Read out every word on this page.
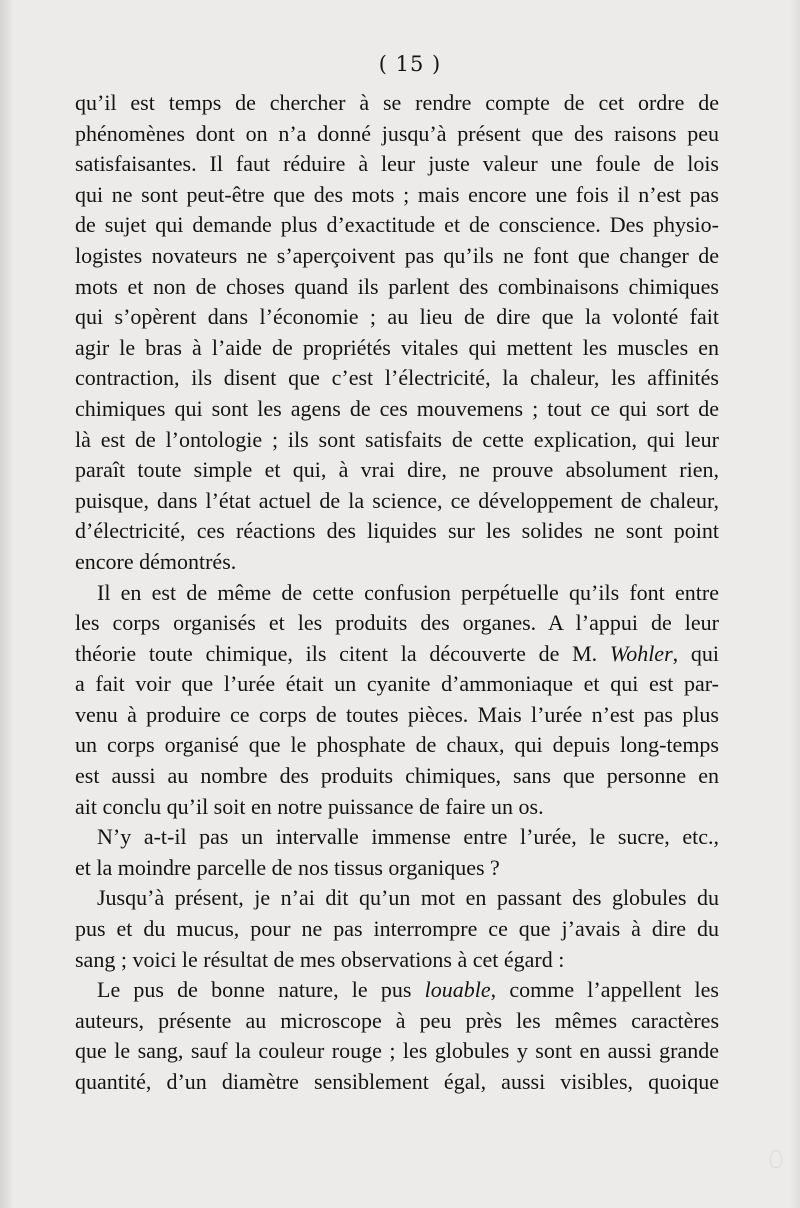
( 15 )
qu’il est temps de chercher à se rendre compte de cet ordre de
phénomènes dont on n’a donné jusqu’à présent que des raisons peu
satisfaisantes. Il faut réduire à leur juste valeur une foule de lois
qui ne sont peut-être que des mots ; mais encore une fois il n’est pas
de sujet qui demande plus d’exactitude et de conscience. Des physio-
logistes novateurs ne s’aperçoivent pas qu’ils ne font que changer de
mots et non de choses quand ils parlent des combinaisons chimiques
qui s’opèrent dans l’économie ; au lieu de dire que la volonté fait
agir le bras à l’aide de propriétés vitales qui mettent les muscles en
contraction, ils disent que c’est l’électricité, la chaleur, les affinités
chimiques qui sont les agens de ces mouvemens ; tout ce qui sort de
là est de l’ontologie ; ils sont satisfaits de cette explication, qui leur
paraît toute simple et qui, à vrai dire, ne prouve absolument rien,
puisque, dans l’état actuel de la science, ce développement de chaleur,
d’électricité, ces réactions des liquides sur les solides ne sont point
encore démontrés.
Il en est de même de cette confusion perpétuelle qu’ils font entre
les corps organisés et les produits des organes. A l’appui de leur
théorie toute chimique, ils citent la découverte de M. Wohler, qui
a fait voir que l’urée était un cyanite d’ammoniaque et qui est par-
venu à produire ce corps de toutes pièces. Mais l’urée n’est pas plus
un corps organisé que le phosphate de chaux, qui depuis long-temps
est aussi au nombre des produits chimiques, sans que personne en
ait conclu qu’il soit en notre puissance de faire un os.
N’y a-t-il pas un intervalle immense entre l’urée, le sucre, etc.,
et la moindre parcelle de nos tissus organiques ?
Jusqu’à présent, je n’ai dit qu’un mot en passant des globules du
pus et du mucus, pour ne pas interrompre ce que j’avais à dire du
sang ; voici le résultat de mes observations à cet égard :
Le pus de bonne nature, le pus louable, comme l’appellent les
auteurs, présente au microscope à peu près les mêmes caractères
que le sang, sauf la couleur rouge ; les globules y sont en aussi grande
quantité, d’un diamètre sensiblement égal, aussi visibles, quoique
